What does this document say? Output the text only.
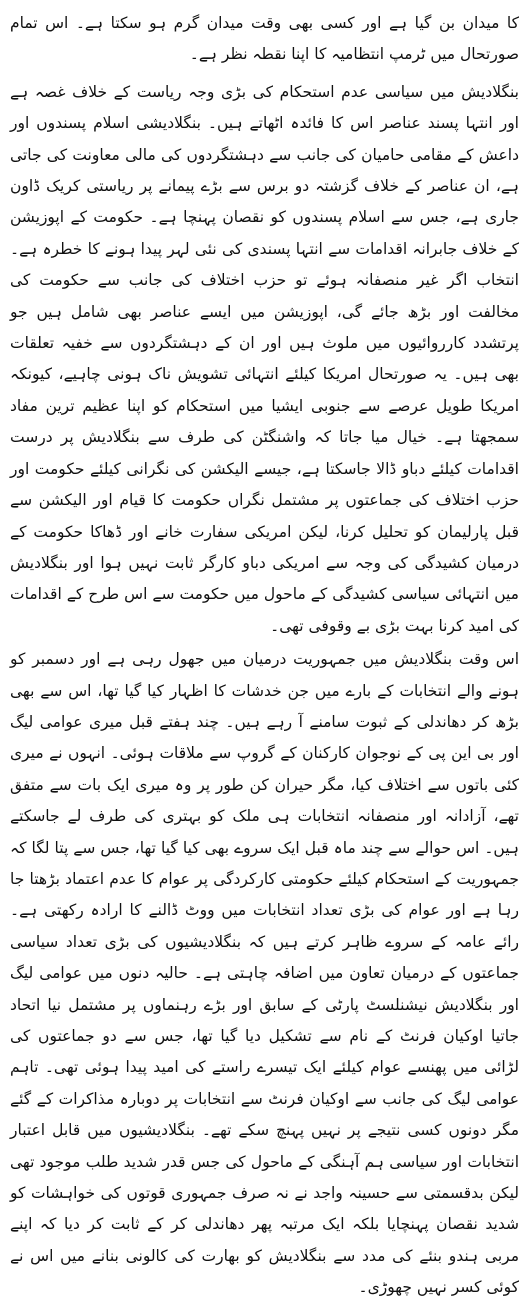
کا میدان بن گیا ہے اور کسی بھی وقت میدان گرم ہو سکتا ہے۔ اس تمام صورتحال میں ٹرمپ انتظامیہ کا اپنا نقطہ نظر ہے۔

بنگلادیش میں سیاسی عدم استحکام کی بڑی وجہ ریاست کے خلاف غصہ ہے اور انتہا پسند عناصر اس کا فائدہ اٹھاتے ہیں۔ بنگلادیشی اسلام پسندوں اور داعش کے مقامی حامیان کی جانب سے دہشتگردوں کی مالی معاونت کی جاتی ہے، ان عناصر کے خلاف گزشتہ دو برس سے بڑے پیمانے پر ریاستی کریک ڈاون جاری ہے، جس سے اسلام پسندوں کو نقصان پہنچا ہے۔ حکومت کے اپوزیشن کے خلاف جابرانہ اقدامات سے انتہا پسندی کی نئی لہر پیدا ہونے کا خطرہ ہے۔ انتخاب اگر غیر منصفانہ ہوئے تو حزب اختلاف کی جانب سے حکومت کی مخالفت اور بڑھ جائے گی، اپوزیشن میں ایسے عناصر بھی شامل ہیں جو پرتشدد کارروائیوں میں ملوث ہیں اور ان کے دہشتگردوں سے خفیہ تعلقات بھی ہیں۔ یہ صورتحال امریکا کیلئے انتہائی تشویش ناک ہونی چاہیے، کیونکہ امریکا طویل عرصے سے جنوبی ایشیا میں استحکام کو اپنا عظیم ترین مفاد سمجھتا ہے۔ خیال میا جاتا کہ واشنگٹن کی طرف سے بنگلادیش پر درست اقدامات کیلئے دباو ڈالا جاسکتا ہے، جیسے الیکشن کی نگرانی کیلئے حکومت اور حزب اختلاف کی جماعتوں پر مشتمل نگراں حکومت کا قیام اور الیکشن سے قبل پارلیمان کو تحلیل کرنا، لیکن امریکی سفارت خانے اور ڈھاکا حکومت کے درمیان کشیدگی کی وجہ سے امریکی دباو کارگر ثابت نہیں ہوا اور بنگلادیش میں انتہائی سیاسی کشیدگی کے ماحول میں حکومت سے اس طرح کے اقدامات کی امید کرنا بہت بڑی بے وقوفی تھی۔

اس وقت بنگلادیش میں جمہوریت درمیان میں جھول رہی ہے اور دسمبر کو ہونے والے انتخابات کے بارے میں جن خدشات کا اظہار کیا گیا تھا، اس سے بھی بڑھ کر دھاندلی کے ثبوت سامنے آ رہے ہیں۔ چند ہفتے قبل میری عوامی لیگ اور بی این پی کے نوجوان کارکنان کے گروپ سے ملاقات ہوئی۔ انہوں نے میری کئی باتوں سے اختلاف کیا، مگر حیران کن طور پر وہ میری ایک بات سے متفق تھے، آزادانہ اور منصفانہ انتخابات ہی ملک کو بہتری کی طرف لے جاسکتے ہیں۔ اس حوالے سے چند ماہ قبل ایک سروے بھی کیا گیا تھا، جس سے پتا لگا کہ جمہوریت کے استحکام کیلئے حکومتی کارکردگی پر عوام کا عدم اعتماد بڑھتا جا رہا ہے اور عوام کی بڑی تعداد انتخابات میں ووٹ ڈالنے کا ارادہ رکھتی ہے۔ رائے عامہ کے سروے ظاہر کرتے ہیں کہ بنگلادیشیوں کی بڑی تعداد سیاسی جماعتوں کے درمیان تعاون میں اضافہ چاہتی ہے۔ حالیہ دنوں میں عوامی لیگ اور بنگلادیش نیشنلسٹ پارٹی کے سابق اور بڑے رہنماوں پر مشتمل نیا اتحاد جاتیا اوکیان فرنٹ کے نام سے تشکیل دیا گیا تھا، جس سے دو جماعتوں کی لڑائی میں پھنسے عوام کیلئے ایک تیسرے راستے کی امید پیدا ہوئی تھی۔ تاہم عوامی لیگ کی جانب سے اوکیان فرنٹ سے انتخابات پر دوبارہ مذاکرات کے گئے مگر دونوں کسی نتیجے پر نہیں پہنچ سکے تھے۔ بنگلادیشیوں میں قابل اعتبار انتخابات اور سیاسی ہم آہنگی کے ماحول کی جس قدر شدید طلب موجود تھی لیکن بدقسمتی سے حسینہ واجد نے نہ صرف جمہوری قوتوں کی خواہشات کو شدید نقصان پہنچایا بلکہ ایک مرتبہ پھر دھاندلی کر کے ثابت کر دیا کہ اپنے مربی ہندو بنئے کی مدد سے بنگلادیش کو بھارت کی کالونی بنانے میں اس نے کوئی کسر نہیں چھوڑی۔
